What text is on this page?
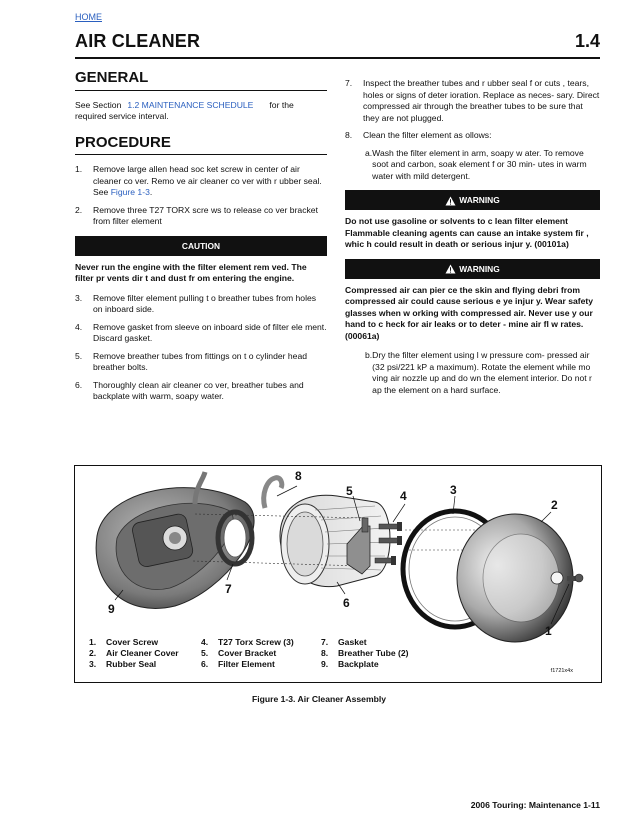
HOME
AIR CLEANER	1.4
GENERAL
See Section 1.2 MAINTENANCE SCHEDULE for the required service interval.
PROCEDURE
1.	Remove large allen head soc ket screw in center of air cleaner co ver. Remo ve air cleaner co ver with r ubber seal. See Figure 1-3.
2.	Remove three T27 TORX scre ws to release co ver bracket from filter element
CAUTION
Never run the engine with the filter element rem ved. The filter pr vents dir t and dust fr om entering the engine.
3.	Remove filter element pulling t o breather tubes from holes on inboard side.
4.	Remove gasket from sleeve on inboard side of filter ele ment. Discard gasket.
5.	Remove breather tubes from fittings on t o cylinder head breather bolts.
6.	Thoroughly clean air cleaner co ver, breather tubes and backplate with warm, soapy water.
7.	Inspect the breather tubes and r ubber seal f or cuts , tears, holes or signs of deter ioration. Replace as neces- sary. Direct compressed air through the breather tubes to be sure that they are not plugged.
8.	Clean the filter element as ollows:
a. Wash the filter element in arm, soapy w ater. To remove soot and carbon, soak element f or 30 min- utes in warm water with mild detergent.
WARNING
Do not use gasoline or solvents to c lean filter element Flammable cleaning agents can cause an intake system fir , whic h could result in death or serious injur y. (00101a)
WARNING
Compressed air can pier ce the skin and flying debri from compressed air could cause serious e ye injur y. Wear safety glasses when w orking with compressed air. Never use y our hand to c heck for air leaks or to deter - mine air fl w rates. (00061a)
b. Dry the filter element using l w pressure com- pressed air (32 psi/221 kP a maximum). Rotate the element while mo ving air nozzle up and do wn the element interior. Do not r ap the element on a hard surface.
8
5	4	3
2
7
9	6
1
1.	Cover Screw	4.	T27 Torx Screw (3)	7.	Gasket
2.	Air Cleaner Cover	5.	Cover Bracket	8.	Breather Tube (2)
3.	Rubber Seal	6.	Filter Element	9.	Backplate
f1721x4x
Figure 1-3. Air Cleaner Assembly
2006 Touring: Maintenance 1-11
